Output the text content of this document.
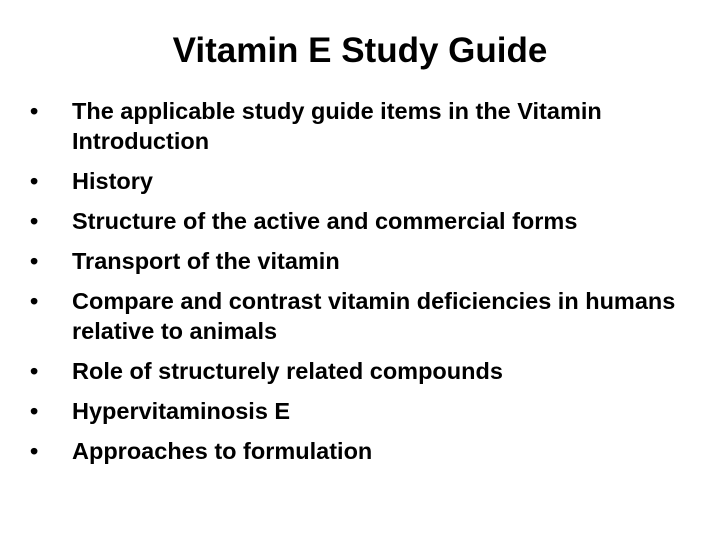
Vitamin E Study Guide
•	The applicable study guide items in the Vitamin Introduction
•	History
•	Structure of the active and commercial forms
•	Transport of the vitamin
•	Compare and contrast vitamin deficiencies in humans relative to animals
•	Role of structurely related compounds
•	Hypervitaminosis E
•	Approaches to formulation
